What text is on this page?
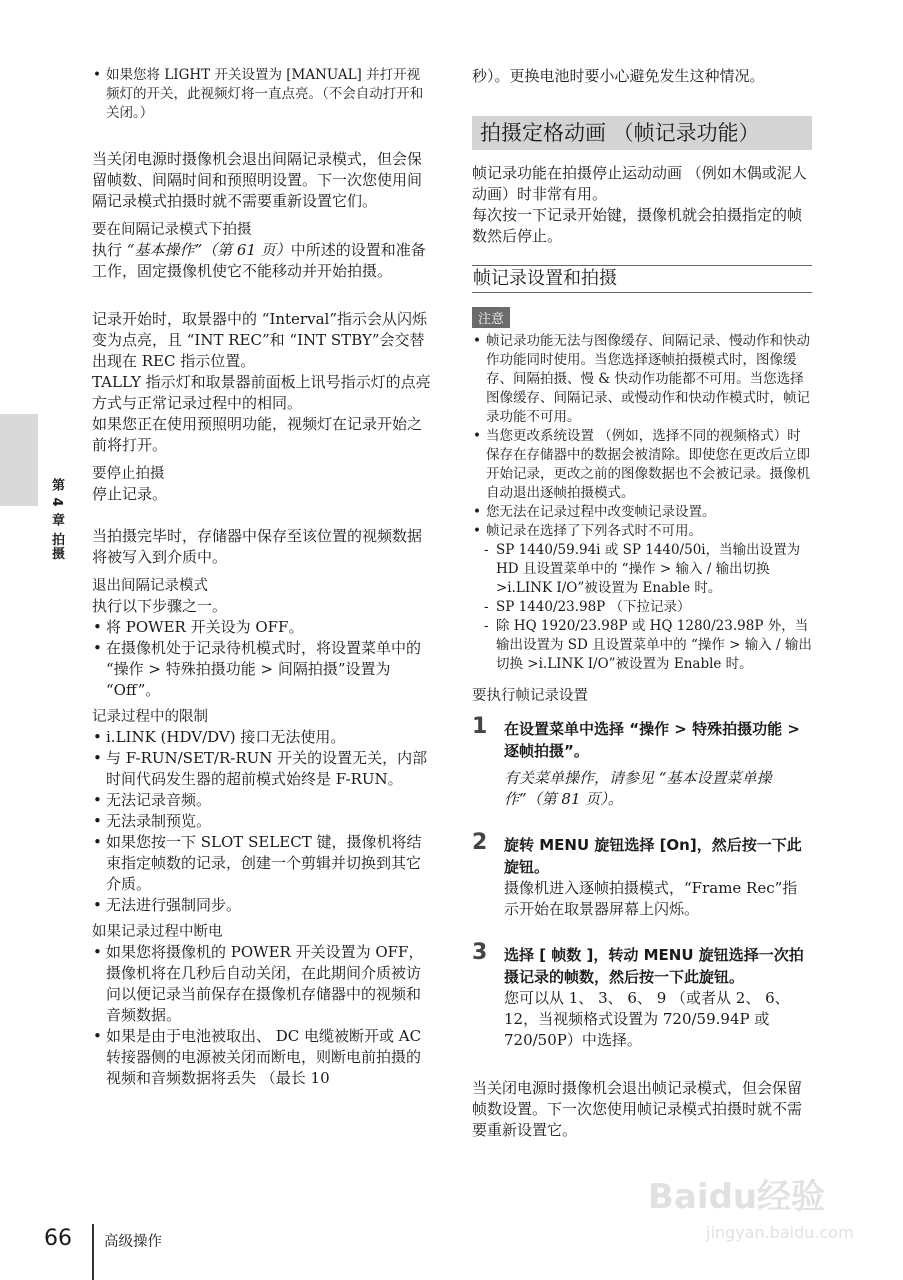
第 4 章 拍摄
• 如果您将 LIGHT 开关设置为 [MANUAL] 并打开视频灯的开关，此视频灯将一直点亮。（不会自动打开和关闭。）

当关闭电源时摄像机会退出间隔记录模式，但会保留帧数、间隔时间和预照明设置。下一次您使用间隔记录模式拍摄时就不需要重新设置它们。

要在间隔记录模式下拍摄

执行 “基本操作”（第 61 页）中所述的设置和准备工作，固定摄像机使它不能移动并开始拍摄。

记录开始时，取景器中的 “Interval”指示会从闪烁变为点亮，且 “INT REC”和 “INT STBY”会交替出现在 REC 指示位置。

TALLY 指示灯和取景器前面板上讯号指示灯的点亮方式与正常记录过程中的相同。

如果您正在使用预照明功能，视频灯在记录开始之前将打开。

要停止拍摄

停止记录。

当拍摄完毕时，存储器中保存至该位置的视频数据将被写入到介质中。

退出间隔记录模式

执行以下步骤之一。

• 将 POWER 开关设为 OFF。
• 在摄像机处于记录待机模式时，将设置菜单中的 “操作 > 特殊拍摄功能 > 间隔拍摄”设置为 “Off”。
记录过程中的限制
• i.LINK (HDV/DV) 接口无法使用。
• 与 F-RUN/SET/R-RUN 开关的设置无关，内部时间代码发生器的超前模式始终是 F-RUN。
• 无法记录音频。
• 无法录制预览。
• 如果您按一下 SLOT SELECT 键，摄像机将结束指定帧数的记录，创建一个剪辑并切换到其它介质。
• 无法进行强制同步。
如果记录过程中断电
• 如果您将摄像机的 POWER 开关设置为 OFF，摄像机将在几秒后自动关闭，在此期间介质被访问以便记录当前保存在摄像机存储器中的视频和音频数据。
• 如果是由于电池被取出、 DC 电缆被断开或 AC 转接器侧的电源被关闭而断电，则断电前拍摄的视频和音频数据将丢失 （最长 10

秒）。更换电池时要小心避免发生这种情况。

拍摄定格动画 （帧记录功能）

帧记录功能在拍摄停止运动动画 （例如木偶或泥人动画）时非常有用。

每次按一下记录开始键，摄像机就会拍摄指定的帧数然后停止。

帧记录设置和拍摄
注意
• 帧记录功能无法与图像缓存、间隔记录、慢动作和快动作功能同时使用。当您选择逐帧拍摄模式时，图像缓存、间隔拍摄、慢 & 快动作功能都不可用。当您选择图像缓存、间隔记录、或慢动作和快动作模式时，帧记录功能不可用。
• 当您更改系统设置 （例如，选择不同的视频格式）时保存在存储器中的数据会被清除。即使您在更改后立即开始记录，更改之前的图像数据也不会被记录。摄像机自动退出逐帧拍摄模式。
• 您无法在记录过程中改变帧记录设置。
• 帧记录在选择了下列各式时不可用。
- SP 1440/59.94i 或 SP 1440/50i，当输出设置为 HD 且设置菜单中的 “操作 > 输入 / 输出切换 >i.LINK I/O”被设置为 Enable 时。
- SP 1440/23.98P （下拉记录）
- 除 HQ 1920/23.98P 或 HQ 1280/23.98P 外，当输出设置为 SD 且设置菜单中的 “操作 > 输入 / 输出切换 >i.LINK I/O”被设置为 Enable 时。
要执行帧记录设置
1 在设置菜单中选择 “操作 > 特殊拍摄功能 > 逐帧拍摄”。

有关菜单操作，请参见 “基本设置菜单操作”（第 81 页）。

2 旋转 MENU 旋钮选择 [On]，然后按一下此旋钮。

摄像机进入逐帧拍摄模式，“Frame Rec”指示开始在取景器屏幕上闪烁。

3 选择 [ 帧数 ]，转动 MENU 旋钮选择一次拍摄记录的帧数，然后按一下此旋钮。

您可以从 1、 3、 6、 9 （或者从 2、 6、 12，当视频格式设置为 720/59.94P 或 720/50P）中选择。

当关闭电源时摄像机会退出帧记录模式，但会保留帧数设置。下一次您使用帧记录模式拍摄时就不需要重新设置它。

66 高级操作
Baidu经验
jingyan.baidu.com
